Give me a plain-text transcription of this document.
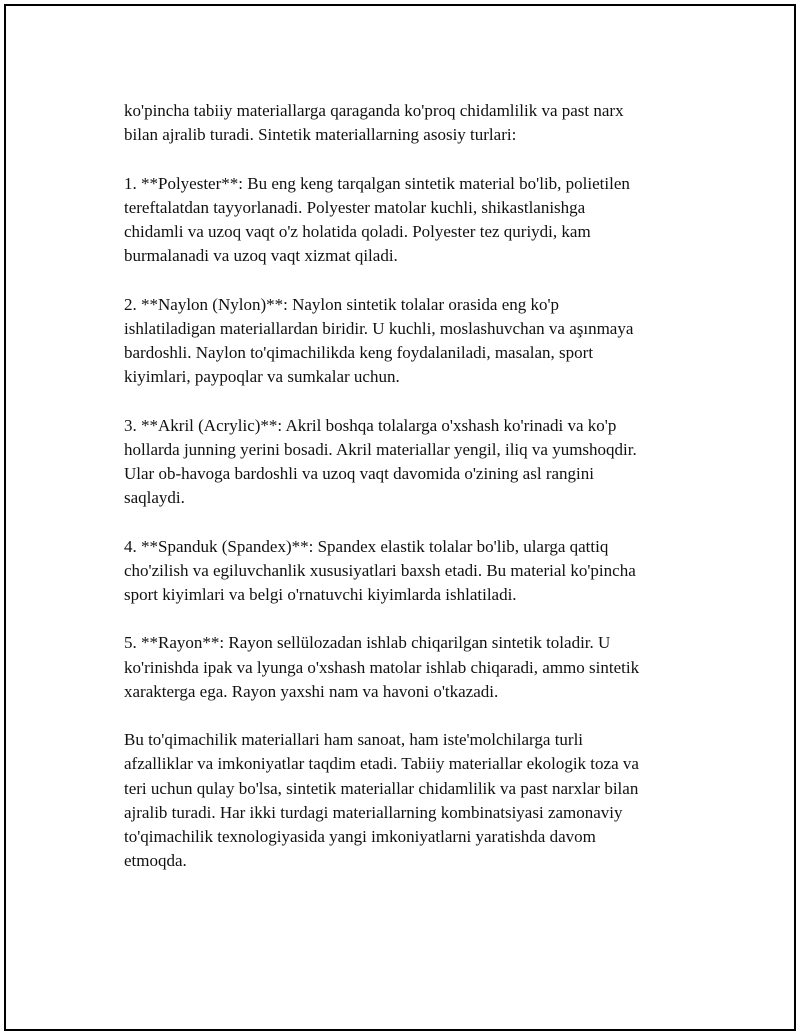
ko'pincha tabiiy materiallarga qaraganda ko'proq chidamlilik va past narx
bilan ajralib turadi. Sintetik materiallarning asosiy turlari:

1. **Polyester**: Bu eng keng tarqalgan sintetik material bo'lib, polietilen
tereftalatdan tayyorlanadi. Polyester matolar kuchli, shikastlanishga
chidamli va uzoq vaqt o'z holatida qoladi. Polyester tez quriydi, kam
burmalanadi va uzoq vaqt xizmat qiladi.

2. **Naylon (Nylon)**: Naylon sintetik tolalar orasida eng ko'p
ishlatiladigan materiallardan biridir. U kuchli, moslashuvchan va aşınmaya
bardoshli. Naylon to'qimachilikda keng foydalaniladi, masalan, sport
kiyimlari, paypoqlar va sumkalar uchun.

3. **Akril (Acrylic)**: Akril boshqa tolalarga o'xshash ko'rinadi va ko'p
hollarda junning yerini bosadi. Akril materiallar yengil, iliq va yumshoqdir.
Ular ob-havoga bardoshli va uzoq vaqt davomida o'zining asl rangini
saqlaydi.

4. **Spanduk (Spandex)**: Spandex elastik tolalar bo'lib, ularga qattiq
cho'zilish va egiluvchanlik xususiyatlari baxsh etadi. Bu material ko'pincha
sport kiyimlari va belgi o'rnatuvchi kiyimlarda ishlatiladi.

5. **Rayon**: Rayon sellülozadan ishlab chiqarilgan sintetik toladir. U
ko'rinishda ipak va lyunga o'xshash matolar ishlab chiqaradi, ammo sintetik
xarakterga ega. Rayon yaxshi nam va havoni o'tkazadi.

Bu to'qimachilik materiallari ham sanoat, ham iste'molchilarga turli
afzalliklar va imkoniyatlar taqdim etadi. Tabiiy materiallar ekologik toza va
teri uchun qulay bo'lsa, sintetik materiallar chidamlilik va past narxlar bilan
ajralib turadi. Har ikki turdagi materiallarning kombinatsiyasi zamonaviy
to'qimachilik texnologiyasida yangi imkoniyatlarni yaratishda davom
etmoqda.
